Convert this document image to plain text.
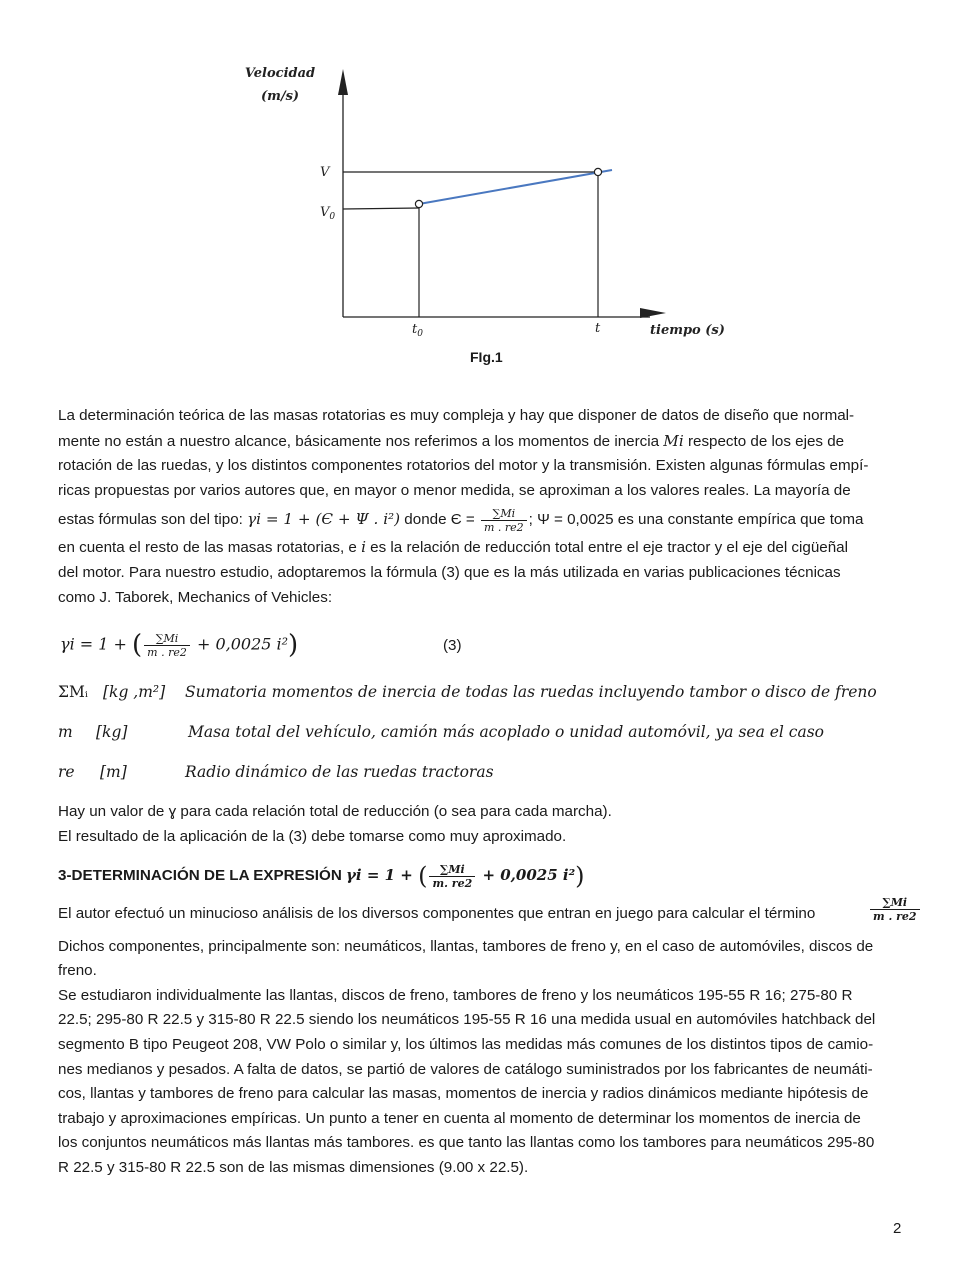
Velocidad
(m/s)
V
$V_0$
$t_0$	t	tiempo (s)
FIg.1
La determinación teórica de las masas rotatorias es muy compleja y hay que disponer de datos de diseño que normal-
mente no están a nuestro alcance, básicamente nos referimos a los momentos de inercia Mi respecto de los ejes de
rotación de las ruedas, y los distintos componentes rotatorios del motor y la transmisión. Existen algunas fórmulas empí-
ricas propuestas por varios autores que, en mayor o menor medida, se aproximan a los valores reales. La mayoría de
estas fórmulas son del tipo: γi = 1 + (Є + Ψ . i²) donde $Є = \frac{\sum Mi}{m . re2}$ ; Ψ = 0,0025 es una constante empírica que toma
en cuenta el resto de las masas rotatorias, e i es la relación de reducción total entre el eje tractor y el eje del cigüeñal
del motor. Para nuestro estudio, adoptaremos la fórmula (3) que es la más utilizada en varias publicaciones técnicas
como J. Taborek, Mechanics of Vehicles:
γi = 1 + ( $\frac{\sum Mi}{m . re2} + 0,0025$ i²)	(3)
ΣMᵢ [kg ,m²] Sumatoria momentos de inercia de todas las ruedas incluyendo tambor o disco de freno
m [kg]	Masa total del vehículo, camión más acoplado o unidad automóvil, ya sea el caso
re [m]	Radio dinámico de las ruedas tractoras
Hay un valor de ɣ para cada relación total de reducción (o sea para cada marcha).
El resultado de la aplicación de la (3) debe tomarse como muy aproximado.
3-DETERMINACIÓN DE LA EXPRESIÓN γi = 1 + ( $\frac{\sum Mi}{m. re2} + 0,0025$ i²)
El autor efectuó un minucioso análisis de los diversos componentes que entran en juego para calcular el término	$\frac{\sum Mi}{m . re2}$
Dichos componentes, principalmente son: neumáticos, llantas, tambores de freno y, en el caso de automóviles, discos de
freno.
Se estudiaron individualmente las llantas, discos de freno, tambores de freno y los neumáticos 195-55 R 16; 275-80 R
22.5; 295-80 R 22.5 y 315-80 R 22.5 siendo los neumáticos 195-55 R 16 una medida usual en automóviles hatchback del
segmento B tipo Peugeot 208, VW Polo o similar y, los últimos las medidas más comunes de los distintos tipos de camio-
nes medianos y pesados. A falta de datos, se partió de valores de catálogo suministrados por los fabricantes de neumáti-
cos, llantas y tambores de freno para calcular las masas, momentos de inercia y radios dinámicos mediante hipótesis de
trabajo y aproximaciones empíricas. Un punto a tener en cuenta al momento de determinar los momentos de inercia de
los conjuntos neumáticos más llantas más tambores. es que tanto las llantas como los tambores para neumáticos 295-80
R 22.5 y 315-80 R 22.5 son de las mismas dimensiones (9.00 x 22.5).
2
